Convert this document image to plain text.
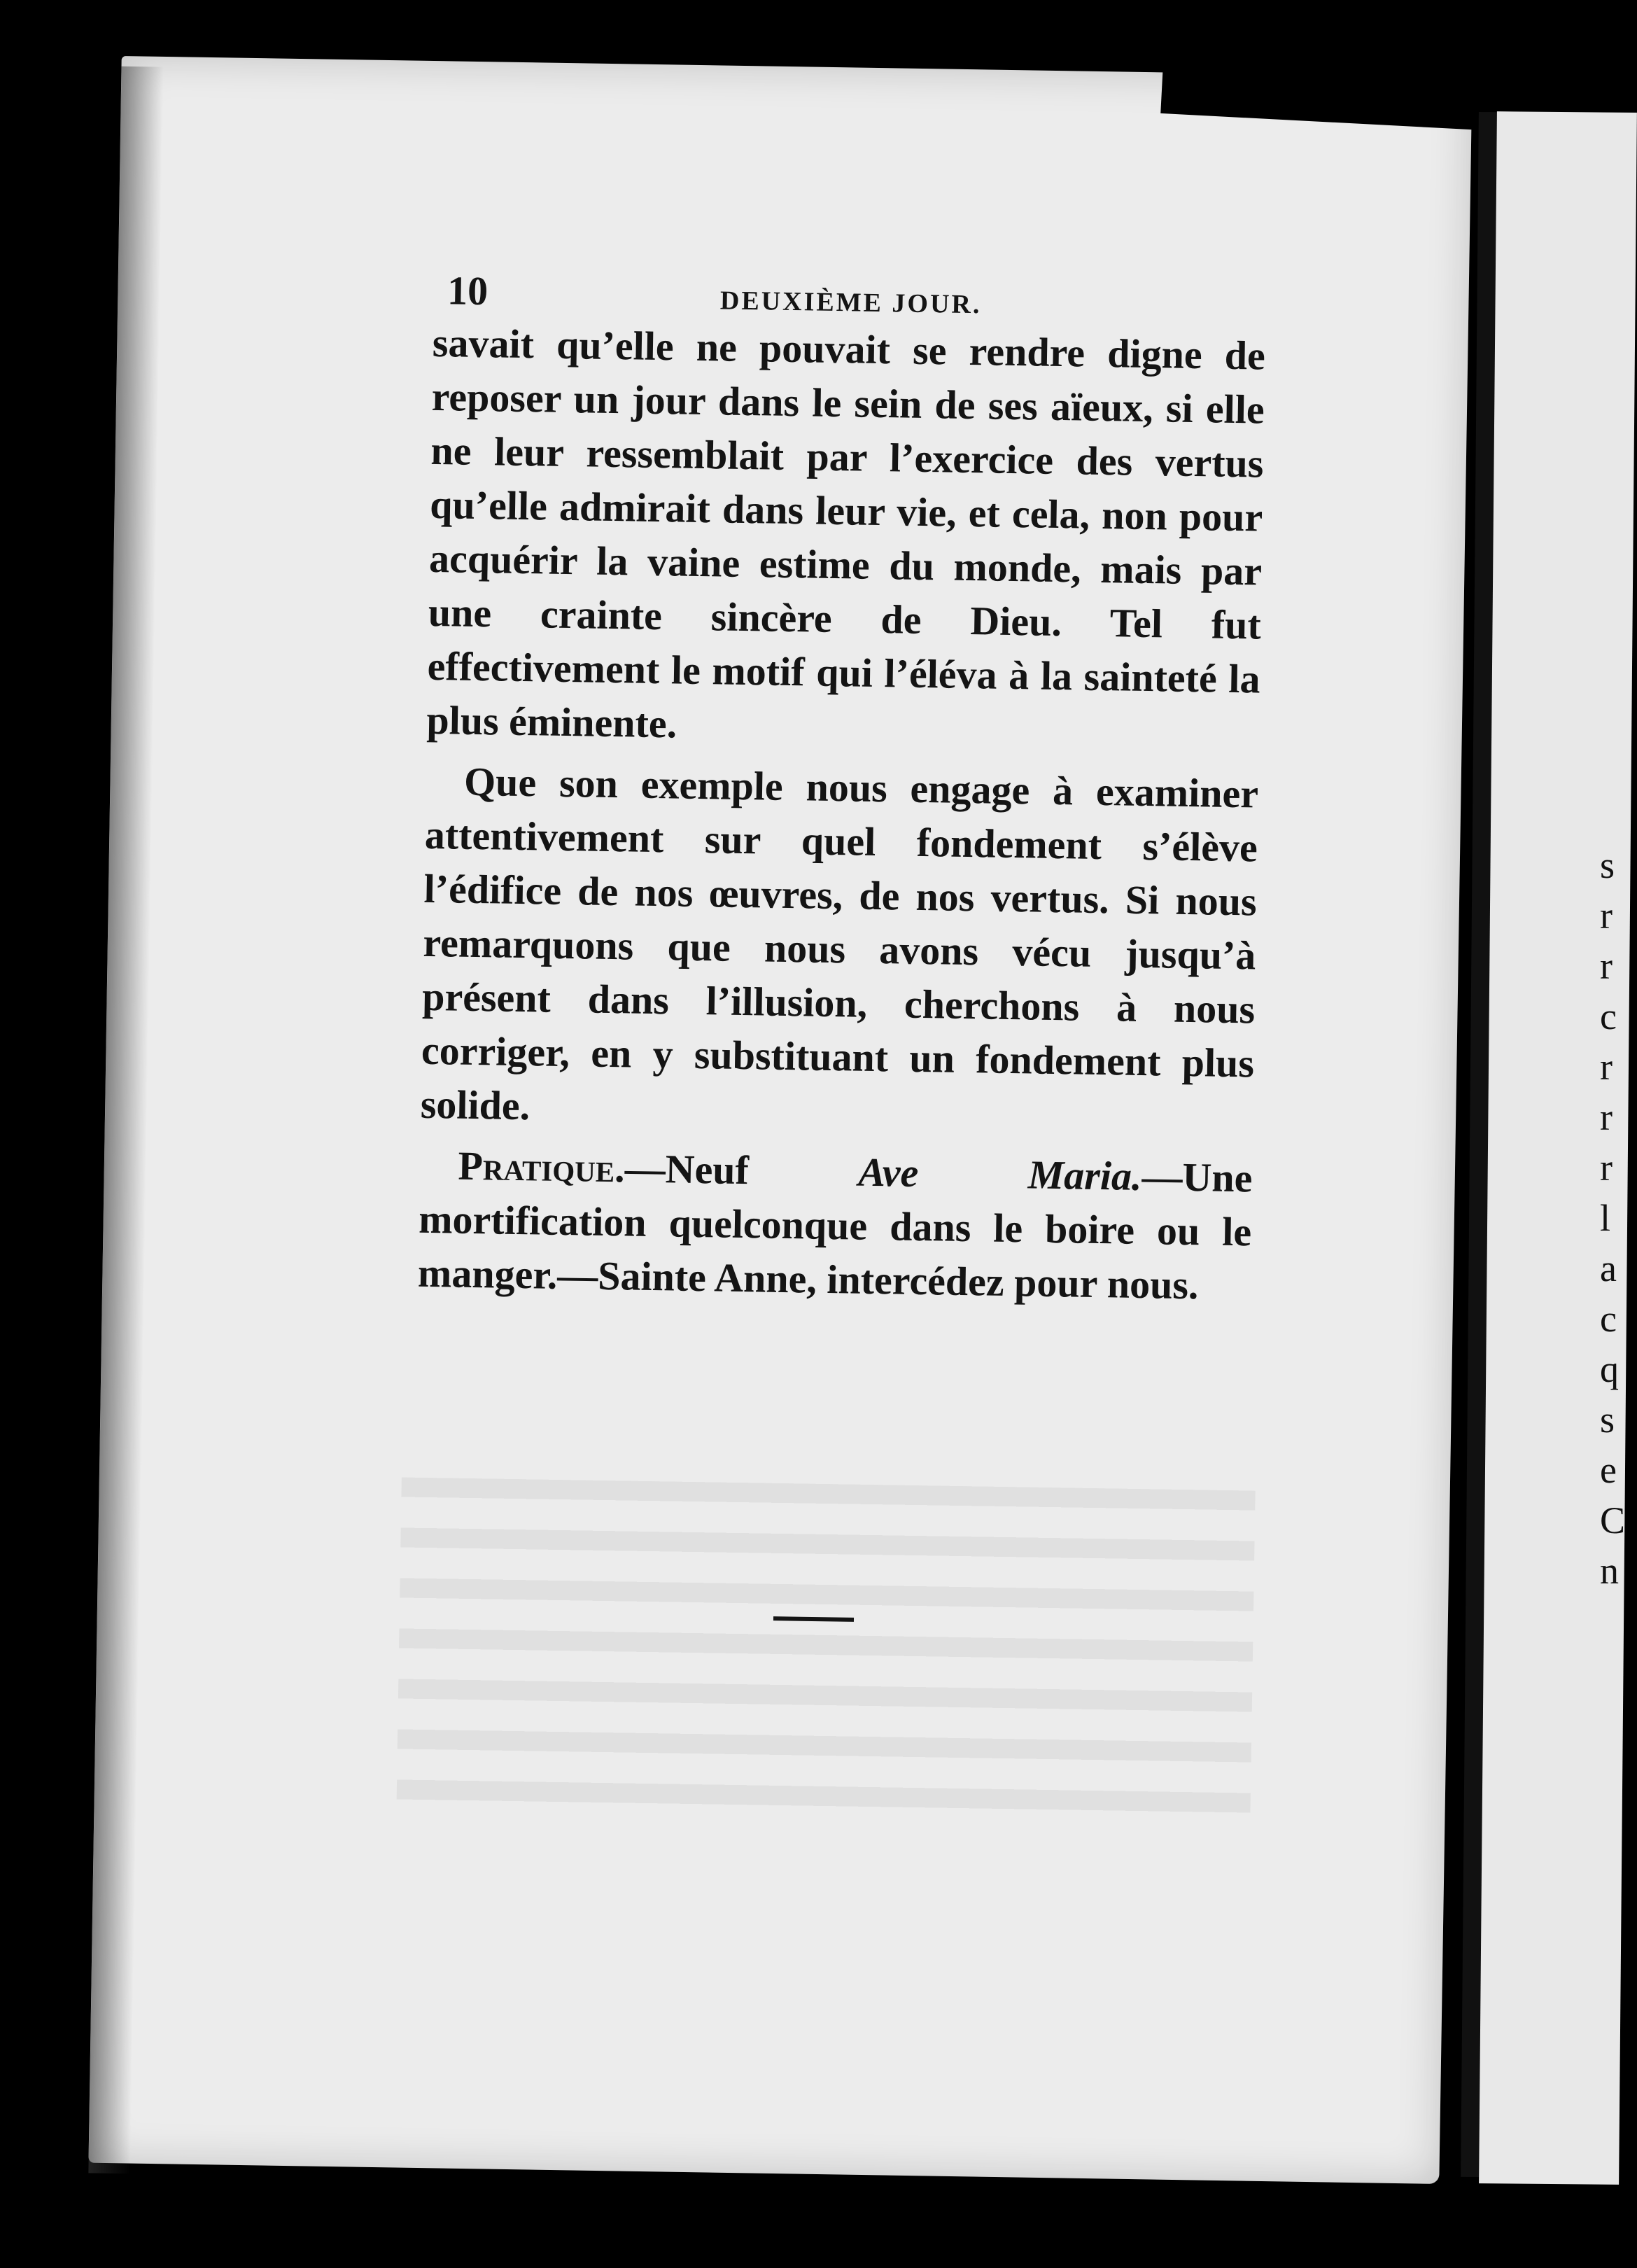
s
r
r
c
r
r
r
l
a
c
q
s
e
C
n
10	DEUXIÈME JOUR.

savait qu’elle ne pouvait se rendre digne de reposer un jour dans le sein de ses aïeux, si elle ne leur ressemblait par l’exercice des vertus qu’elle admirait dans leur vie, et cela, non pour acquérir la vaine estime du monde, mais par une crainte sincère de Dieu. Tel fut effectivement le motif qui l’éléva à la sainteté la plus éminente.

Que son exemple nous engage à examiner attentivement sur quel fondement s’élève l’édifice de nos œuvres, de nos vertus. Si nous remarquons que nous avons vécu jusqu’à présent dans l’illusion, cherchons à nous corriger, en y substituant un fondement plus solide.

Pratique.—Neuf Ave Maria.—Une mortification quelconque dans le boire ou le manger.—Sainte Anne, intercédez pour nous.
